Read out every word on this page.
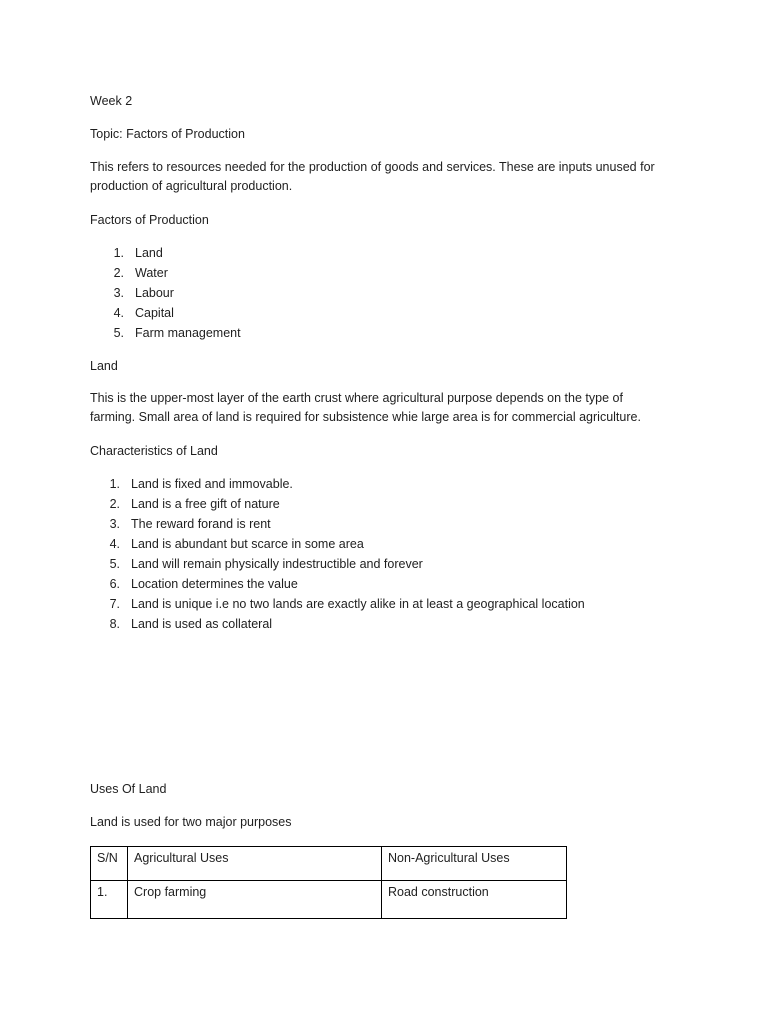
Week 2

Topic: Factors of Production

This refers to resources needed for the production of goods and services. These are inputs unused for production of agricultural production.

Factors of Production

1. Land
2. Water
3. Labour
4. Capital
5. Farm management

Land

This is the upper-most layer of the earth crust where agricultural purpose depends on the type of farming. Small area of land is required for subsistence whie large area is for commercial agriculture.

Characteristics of Land

1. Land is fixed and immovable.
2. Land is a free gift of nature
3. The reward forand is rent
4. Land is abundant but scarce in some area
5. Land will remain physically indestructible and forever
6. Location determines the value
7. Land is unique i.e no two lands are exactly alike in at least a geographical location
8. Land is used as collateral

Uses Of Land

Land is used for two major purposes

S/N	Agricultural Uses	Non-Agricultural Uses
1.	Crop farming	Road construction
